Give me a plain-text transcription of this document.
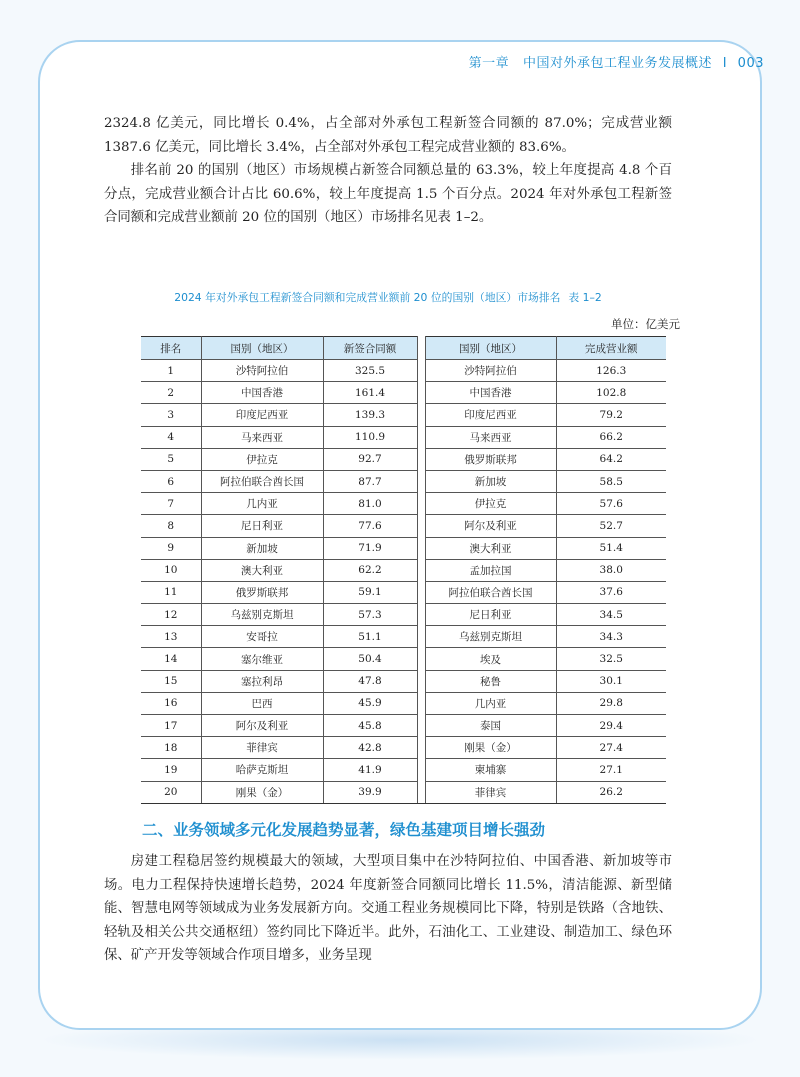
第一章 中国对外承包工程业务发展概述 I 003

2324.8 亿美元，同比增长 0.4%，占全部对外承包工程新签合同额的 87.0%；完成营业额 1387.6 亿美元，同比增长 3.4%，占全部对外承包工程完成营业额的 83.6%。

排名前 20 的国别（地区）市场规模占新签合同额总量的 63.3%，较上年度提高 4.8 个百分点，完成营业额合计占比 60.6%，较上年度提高 1.5 个百分点。2024 年对外承包工程新签合同额和完成营业额前 20 位的国别（地区）市场排名见表 1–2。

2024 年对外承包工程新签合同额和完成营业额前 20 位的国别（地区）市场排名 表 1–2
单位：亿美元
排名	国别（地区）	新签合同额		国别（地区）	完成营业额
1	沙特阿拉伯	325.5		沙特阿拉伯	126.3
2	中国香港	161.4		中国香港	102.8
3	印度尼西亚	139.3		印度尼西亚	79.2
4	马来西亚	110.9		马来西亚	66.2
5	伊拉克	92.7		俄罗斯联邦	64.2
6	阿拉伯联合酋长国	87.7		新加坡	58.5
7	几内亚	81.0		伊拉克	57.6
8	尼日利亚	77.6		阿尔及利亚	52.7
9	新加坡	71.9		澳大利亚	51.4
10	澳大利亚	62.2		孟加拉国	38.0
11	俄罗斯联邦	59.1		阿拉伯联合酋长国	37.6
12	乌兹别克斯坦	57.3		尼日利亚	34.5
13	安哥拉	51.1		乌兹别克斯坦	34.3
14	塞尔维亚	50.4		埃及	32.5
15	塞拉利昂	47.8		秘鲁	30.1
16	巴西	45.9		几内亚	29.8
17	阿尔及利亚	45.8		泰国	29.4
18	菲律宾	42.8		刚果（金）	27.4
19	哈萨克斯坦	41.9		柬埔寨	27.1
20	刚果（金）	39.9		菲律宾	26.2
二、业务领域多元化发展趋势显著，绿色基建项目增长强劲

房建工程稳居签约规模最大的领域，大型项目集中在沙特阿拉伯、中国香港、新加坡等市场。电力工程保持快速增长趋势，2024 年度新签合同额同比增长 11.5%，清洁能源、新型储能、智慧电网等领域成为业务发展新方向。交通工程业务规模同比下降，特别是铁路（含地铁、轻轨及相关公共交通枢纽）签约同比下降近半。此外，石油化工、工业建设、制造加工、绿色环保、矿产开发等领域合作项目增多，业务呈现
